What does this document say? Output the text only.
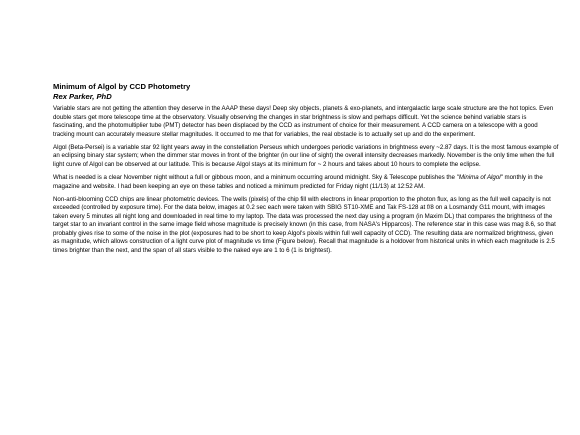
Minimum of Algol by CCD Photometry

Rex Parker, PhD

Variable stars are not getting the attention they deserve in the AAAP these days! Deep sky objects, planets & exo-planets, and intergalactic large scale structure are the hot topics. Even double stars get more telescope time at the observatory. Visually observing the changes in star brightness is slow and perhaps difficult. Yet the science behind variable stars is fascinating, and the photomultiplier tube (PMT) detector has been displaced by the CCD as instrument of choice for their measurement. A CCD camera on a telescope with a good tracking mount can accurately measure stellar magnitudes. It occurred to me that for variables, the real obstacle is to actually set up and do the experiment.

Algol (Beta-Persei) is a variable star 92 light years away in the constellation Perseus which undergoes periodic variations in brightness every ~2.87 days. It is the most famous example of an eclipsing binary star system; when the dimmer star moves in front of the brighter (in our line of sight) the overall intensity decreases markedly. November is the only time when the full light curve of Algol can be observed at our latitude. This is because Algol stays at its minimum for ~ 2 hours and takes about 10 hours to complete the eclipse.

What is needed is a clear November night without a full or gibbous moon, and a minimum occurring around midnight. Sky & Telescope publishes the "Minima of Algol" monthly in the magazine and website. I had been keeping an eye on these tables and noticed a minimum predicted for Friday night (11/13) at 12:52 AM.

Non-anti-blooming CCD chips are linear photometric devices. The wells (pixels) of the chip fill with electrons in linear proportion to the photon flux, as long as the full well capacity is not exceeded (controlled by exposure time). For the data below, images at 0.2 sec each were taken with SBIG ST10-XME and Tak FS-128 at f/8 on a Losmandy G11 mount, with images taken every 5 minutes all night long and downloaded in real time to my laptop. The data was processed the next day using a program (in Maxim DL) that compares the brightness of the target star to an invariant control in the same image field whose magnitude is precisely known (in this case, from NASA's Hipparcos). The reference star in this case was mag 8.6, so that probably gives rise to some of the noise in the plot (exposures had to be short to keep Algol's pixels within full well capacity of CCD). The resulting data are normalized brightness, given as magnitude, which allows construction of a light curve plot of magnitude vs time (Figure below). Recall that magnitude is a holdover from historical units in which each magnitude is 2.5 times brighter than the next, and the span of all stars visible to the naked eye are 1 to 6 (1 is brightest).
